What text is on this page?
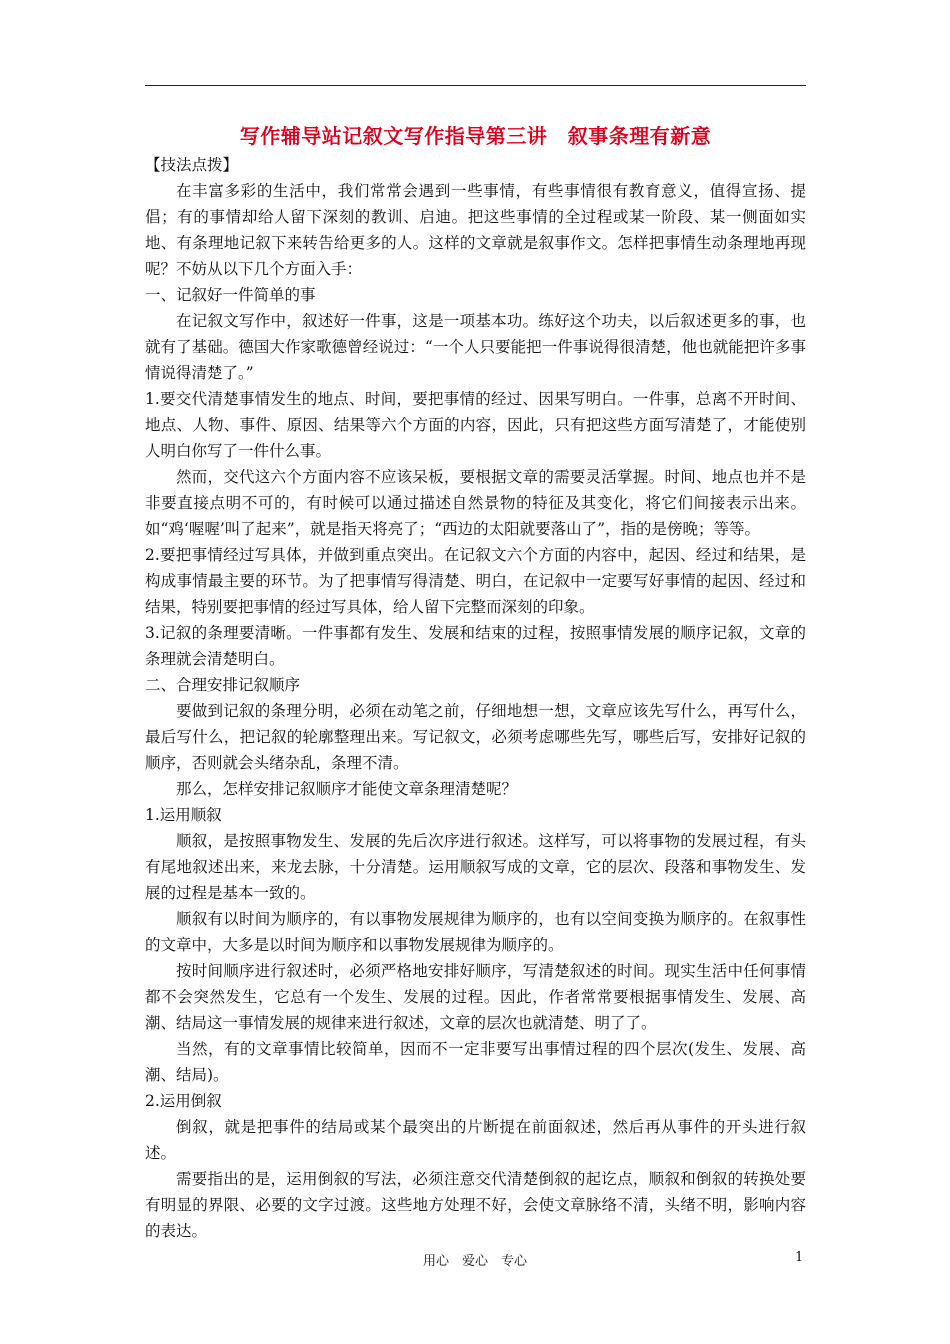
写作辅导站记叙文写作指导第三讲　叙事条理有新意

【技法点拨】

在丰富多彩的生活中，我们常常会遇到一些事情，有些事情很有教育意义，值得宣扬、提倡；有的事情却给人留下深刻的教训、启迪。把这些事情的全过程或某一阶段、某一侧面如实地、有条理地记叙下来转告给更多的人。这样的文章就是叙事作文。怎样把事情生动条理地再现呢？不妨从以下几个方面入手：

一、记叙好一件简单的事

在记叙文写作中，叙述好一件事，这是一项基本功。练好这个功夫，以后叙述更多的事，也就有了基础。德国大作家歌德曾经说过：“一个人只要能把一件事说得很清楚，他也就能把许多事情说得清楚了。”

1.要交代清楚事情发生的地点、时间，要把事情的经过、因果写明白。一件事，总离不开时间、地点、人物、事件、原因、结果等六个方面的内容，因此，只有把这些方面写清楚了，才能使别人明白你写了一件什么事。

然而，交代这六个方面内容不应该呆板，要根据文章的需要灵活掌握。时间、地点也并不是非要直接点明不可的，有时候可以通过描述自然景物的特征及其变化，将它们间接表示出来。如“鸡‘喔喔’叫了起来”，就是指天将亮了；“西边的太阳就要落山了”，指的是傍晚；等等。

2.要把事情经过写具体，并做到重点突出。在记叙文六个方面的内容中，起因、经过和结果，是构成事情最主要的环节。为了把事情写得清楚、明白，在记叙中一定要写好事情的起因、经过和结果，特别要把事情的经过写具体，给人留下完整而深刻的印象。

3.记叙的条理要清晰。一件事都有发生、发展和结束的过程，按照事情发展的顺序记叙，文章的条理就会清楚明白。

二、合理安排记叙顺序

要做到记叙的条理分明，必须在动笔之前，仔细地想一想，文章应该先写什么，再写什么，最后写什么，把记叙的轮廓整理出来。写记叙文，必须考虑哪些先写，哪些后写，安排好记叙的顺序，否则就会头绪杂乱，条理不清。

那么，怎样安排记叙顺序才能使文章条理清楚呢？

1.运用顺叙

顺叙，是按照事物发生、发展的先后次序进行叙述。这样写，可以将事物的发展过程，有头有尾地叙述出来，来龙去脉，十分清楚。运用顺叙写成的文章，它的层次、段落和事物发生、发展的过程是基本一致的。

顺叙有以时间为顺序的，有以事物发展规律为顺序的，也有以空间变换为顺序的。在叙事性的文章中，大多是以时间为顺序和以事物发展规律为顺序的。

按时间顺序进行叙述时，必须严格地安排好顺序，写清楚叙述的时间。现实生活中任何事情都不会突然发生，它总有一个发生、发展的过程。因此，作者常常要根据事情发生、发展、高潮、结局这一事情发展的规律来进行叙述，文章的层次也就清楚、明了了。

当然，有的文章事情比较简单，因而不一定非要写出事情过程的四个层次(发生、发展、高潮、结局)。

2.运用倒叙

倒叙，就是把事件的结局或某个最突出的片断提在前面叙述，然后再从事件的开头进行叙述。

需要指出的是，运用倒叙的写法，必须注意交代清楚倒叙的起讫点，顺叙和倒叙的转换处要有明显的界限、必要的文字过渡。这些地方处理不好，会使文章脉络不清，头绪不明，影响内容的表达。

用心　爱心　专心	1
